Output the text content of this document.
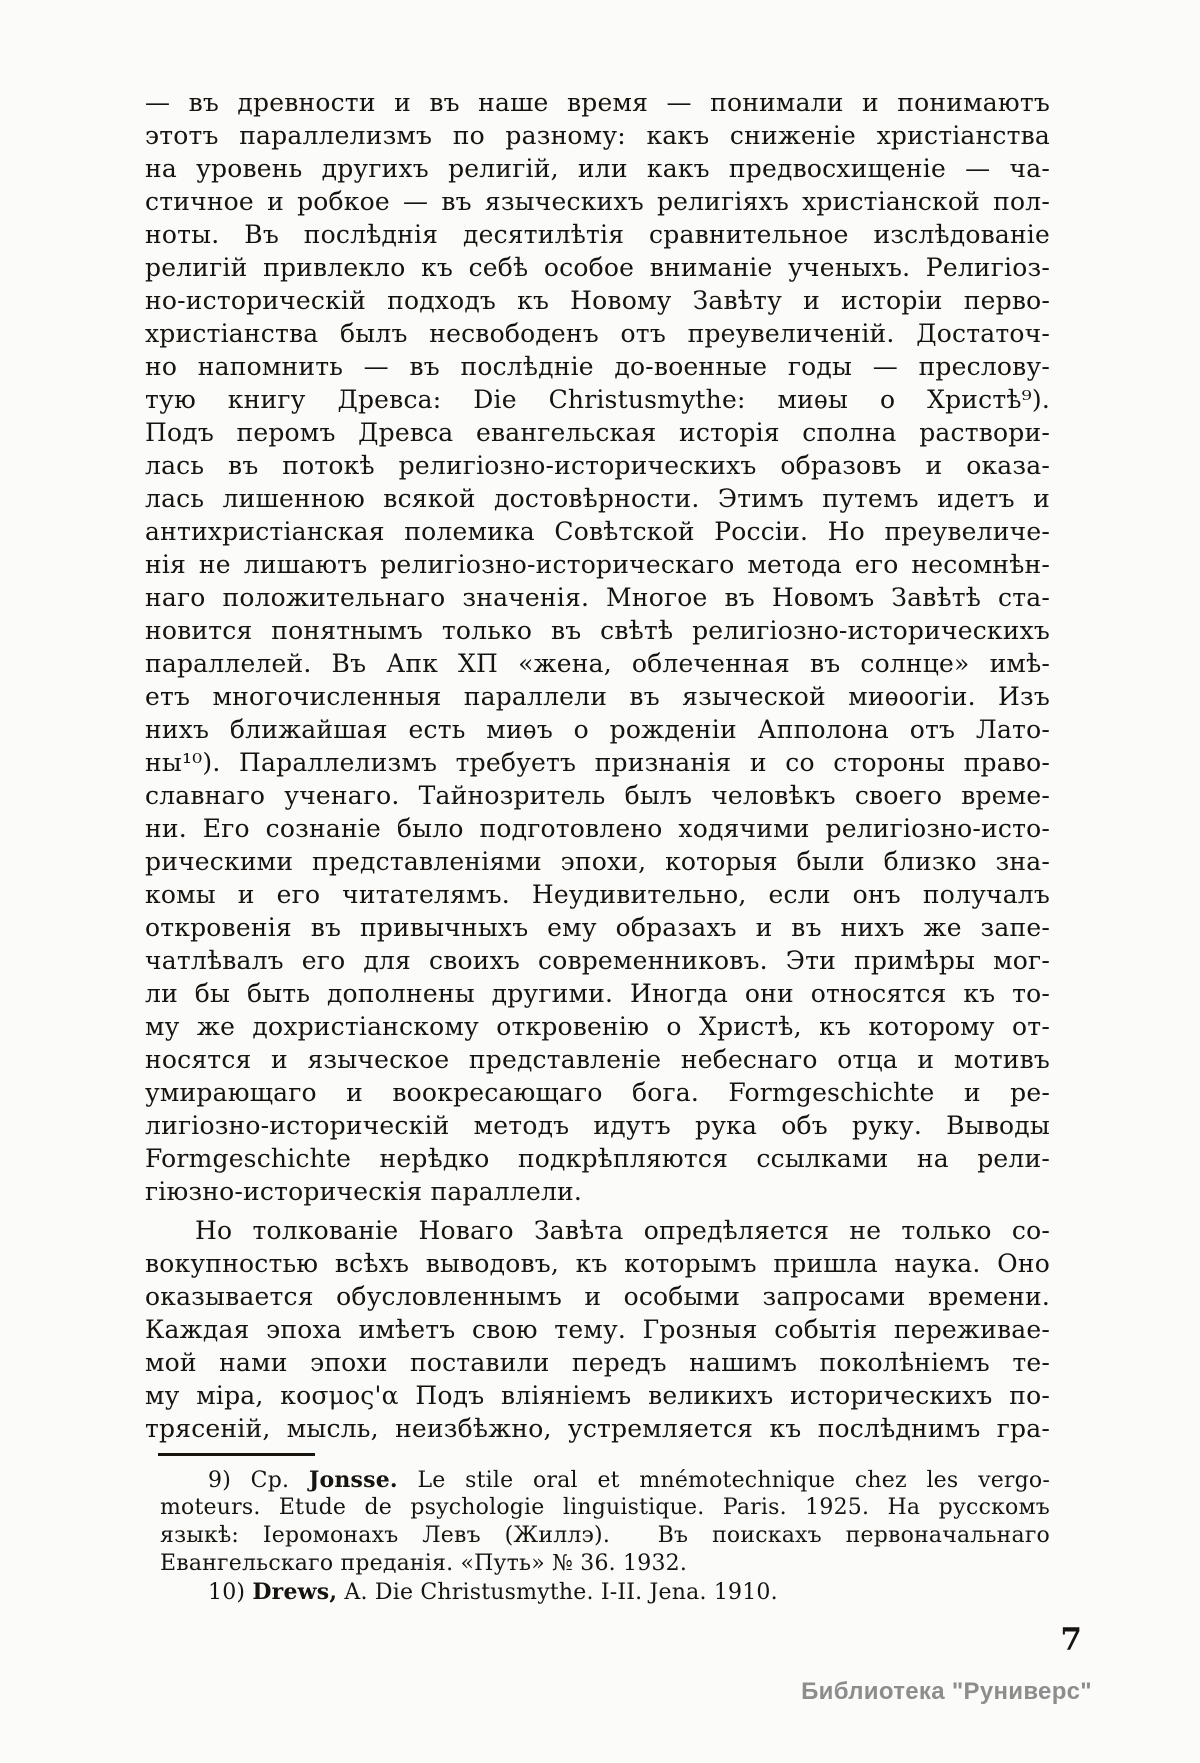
— въ древности и въ наше время — понимали и понимаютъ
этотъ параллелизмъ по разному: какъ сниженіе христіанства
на уровень другихъ религій, или какъ предвосхищеніе — ча-
стичное и робкое — въ языческихъ религіяхъ христіанской пол-
ноты. Въ послѣднія десятилѣтія сравнительное изслѣдованіе
религій привлекло къ себѣ особое вниманіе ученыхъ. Религіоз-
но-историческій подходъ къ Новому Завѣту и исторіи перво-
христіанства былъ несвободенъ отъ преувеличеній. Достаточ-
но напомнить — въ послѣдніе до-военные годы — преслову-
тую книгу Древса: Die Christusmythe: миѳы о Христѣ⁹).
Подъ перомъ Древса евангельская исторія сполна раствори-
лась въ потокѣ религіозно-историческихъ образовъ и оказа-
лась лишенною всякой достовѣрности. Этимъ путемъ идетъ и
антихристіанская полемика Совѣтской Россіи. Но преувеличе-
нія не лишаютъ религіозно-историческаго метода его несомнѣн-
наго положительнаго значенія. Многое въ Новомъ Завѣтѣ ста-
новится понятнымъ только въ свѣтѣ религіозно-историческихъ
параллелей. Въ Апк ХП «жена, облеченная въ солнце» имѣ-
етъ многочисленныя параллели въ языческой миѳоогіи. Изъ
нихъ ближайшая есть миѳъ о рожденіи Апполона отъ Лато-
ны¹⁰). Параллелизмъ требуетъ признанія и со стороны право-
славнаго ученаго. Тайнозритель былъ человѣкъ своего време-
ни. Его сознаніе было подготовлено ходячими религіозно-исто-
рическими представленіями эпохи, которыя были близко зна-
комы и его читателямъ. Неудивительно, если онъ получалъ
откровенія въ привычныхъ ему образахъ и въ нихъ же запе-
чатлѣвалъ его для своихъ современниковъ. Эти примѣры мог-
ли бы быть дополнены другими. Иногда они относятся къ то-
му же дохристіанскому откровенію о Христѣ, къ которому от-
носятся и языческое представленіе небеснаго отца и мотивъ
умирающаго и воокресающаго бога. Formgeschichte и ре-
лигіозно-историческій методъ идутъ рука объ руку. Выводы
Formgeschichte нерѣдко подкрѣпляются ссылками на рели-
гіюзно-историческія параллели.
Но толкованіе Новаго Завѣта опредѣляется не только со-
вокупностью всѣхъ выводовъ, къ которымъ пришла наука. Оно
оказывается обусловленнымъ и особыми запросами времени.
Каждая эпоха имѣетъ свою тему. Грозныя событія переживае-
мой нами эпохи поставили передъ нашимъ поколѣніемъ те-
му міра, κοσμος'α Подъ вліяніемъ великихъ историческихъ по-
трясеній, мысль, неизбѣжно, устремляется къ послѣднимъ гра-
9) Ср. Jonsse. Le stile oral et mnémotechnique chez les vergo-
moteurs. Etude de psychologie linguistique. Paris. 1925. На русскомъ
языкѣ: Іеромонахъ Левъ (Жиллэ).  Въ поискахъ первоначальнаго
Евангельскаго преданія. «Путь» № 36. 1932.
10) Drews, A. Die Christusmythe. I-II. Jena. 1910.
7
Библиотека "Руниверс"
